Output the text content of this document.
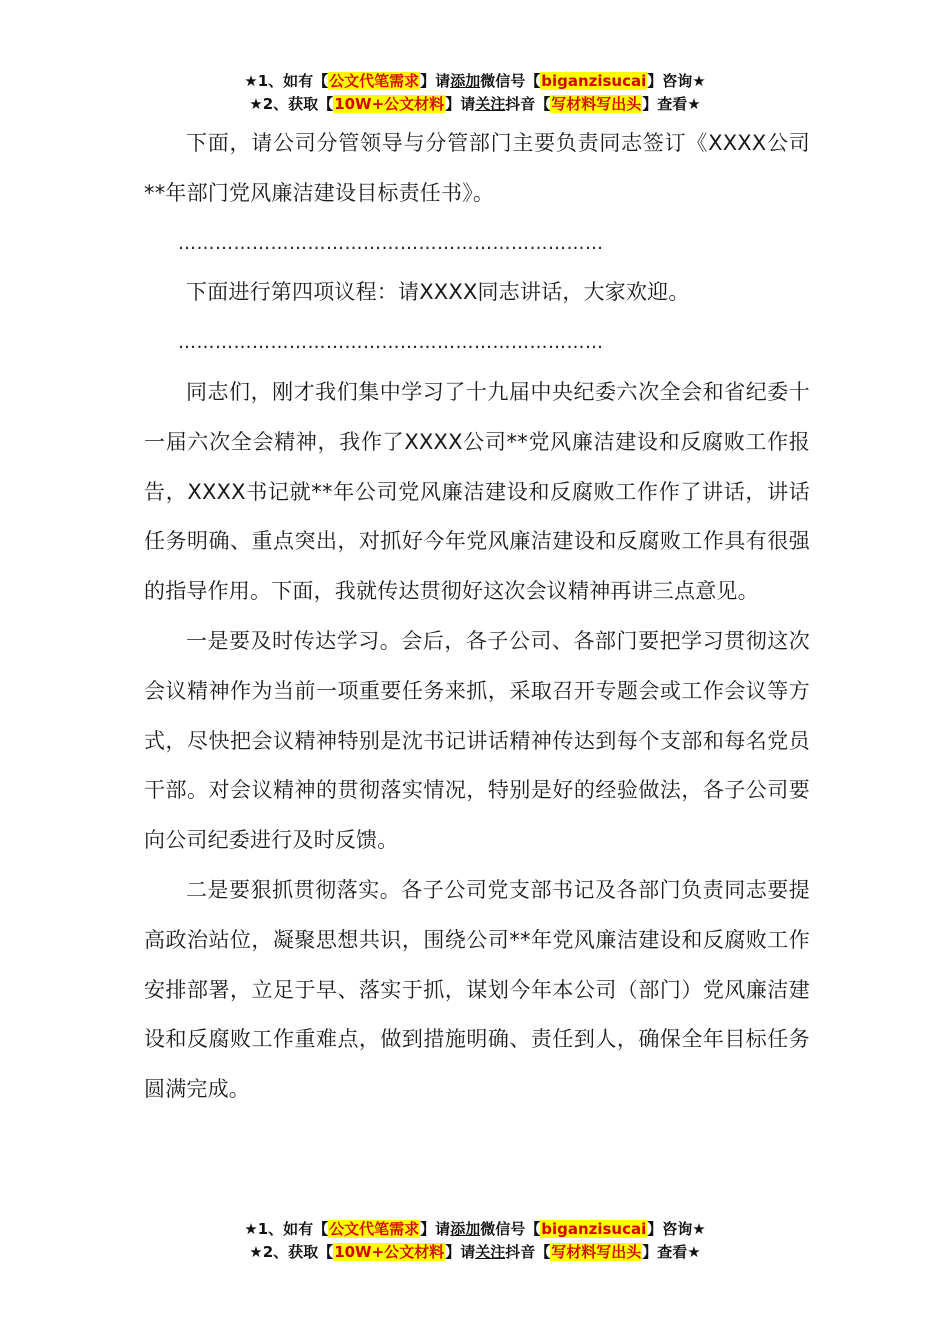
★1、如有【公文代笔需求】请添加微信号【biganzisucai】咨询★
★2、获取【10W+公文材料】请关注抖音【写材料写出头】查看★

下面，请公司分管领导与分管部门主要负责同志签订《XXXX公司**年部门党风廉洁建设目标责任书》。

……………………………………………………………

下面进行第四项议程：请XXXX同志讲话，大家欢迎。

……………………………………………………………

同志们，刚才我们集中学习了十九届中央纪委六次全会和省纪委十一届六次全会精神，我作了XXXX公司**党风廉洁建设和反腐败工作报告，XXXX书记就**年公司党风廉洁建设和反腐败工作作了讲话，讲话任务明确、重点突出，对抓好今年党风廉洁建设和反腐败工作具有很强的指导作用。下面，我就传达贯彻好这次会议精神再讲三点意见。

一是要及时传达学习。会后，各子公司、各部门要把学习贯彻这次会议精神作为当前一项重要任务来抓，采取召开专题会或工作会议等方式，尽快把会议精神特别是沈书记讲话精神传达到每个支部和每名党员干部。对会议精神的贯彻落实情况，特别是好的经验做法，各子公司要向公司纪委进行及时反馈。

二是要狠抓贯彻落实。各子公司党支部书记及各部门负责同志要提高政治站位，凝聚思想共识，围绕公司**年党风廉洁建设和反腐败工作安排部署，立足于早、落实于抓，谋划今年本公司（部门）党风廉洁建设和反腐败工作重难点，做到措施明确、责任到人，确保全年目标任务圆满完成。

★1、如有【公文代笔需求】请添加微信号【biganzisucai】咨询★
★2、获取【10W+公文材料】请关注抖音【写材料写出头】查看★
